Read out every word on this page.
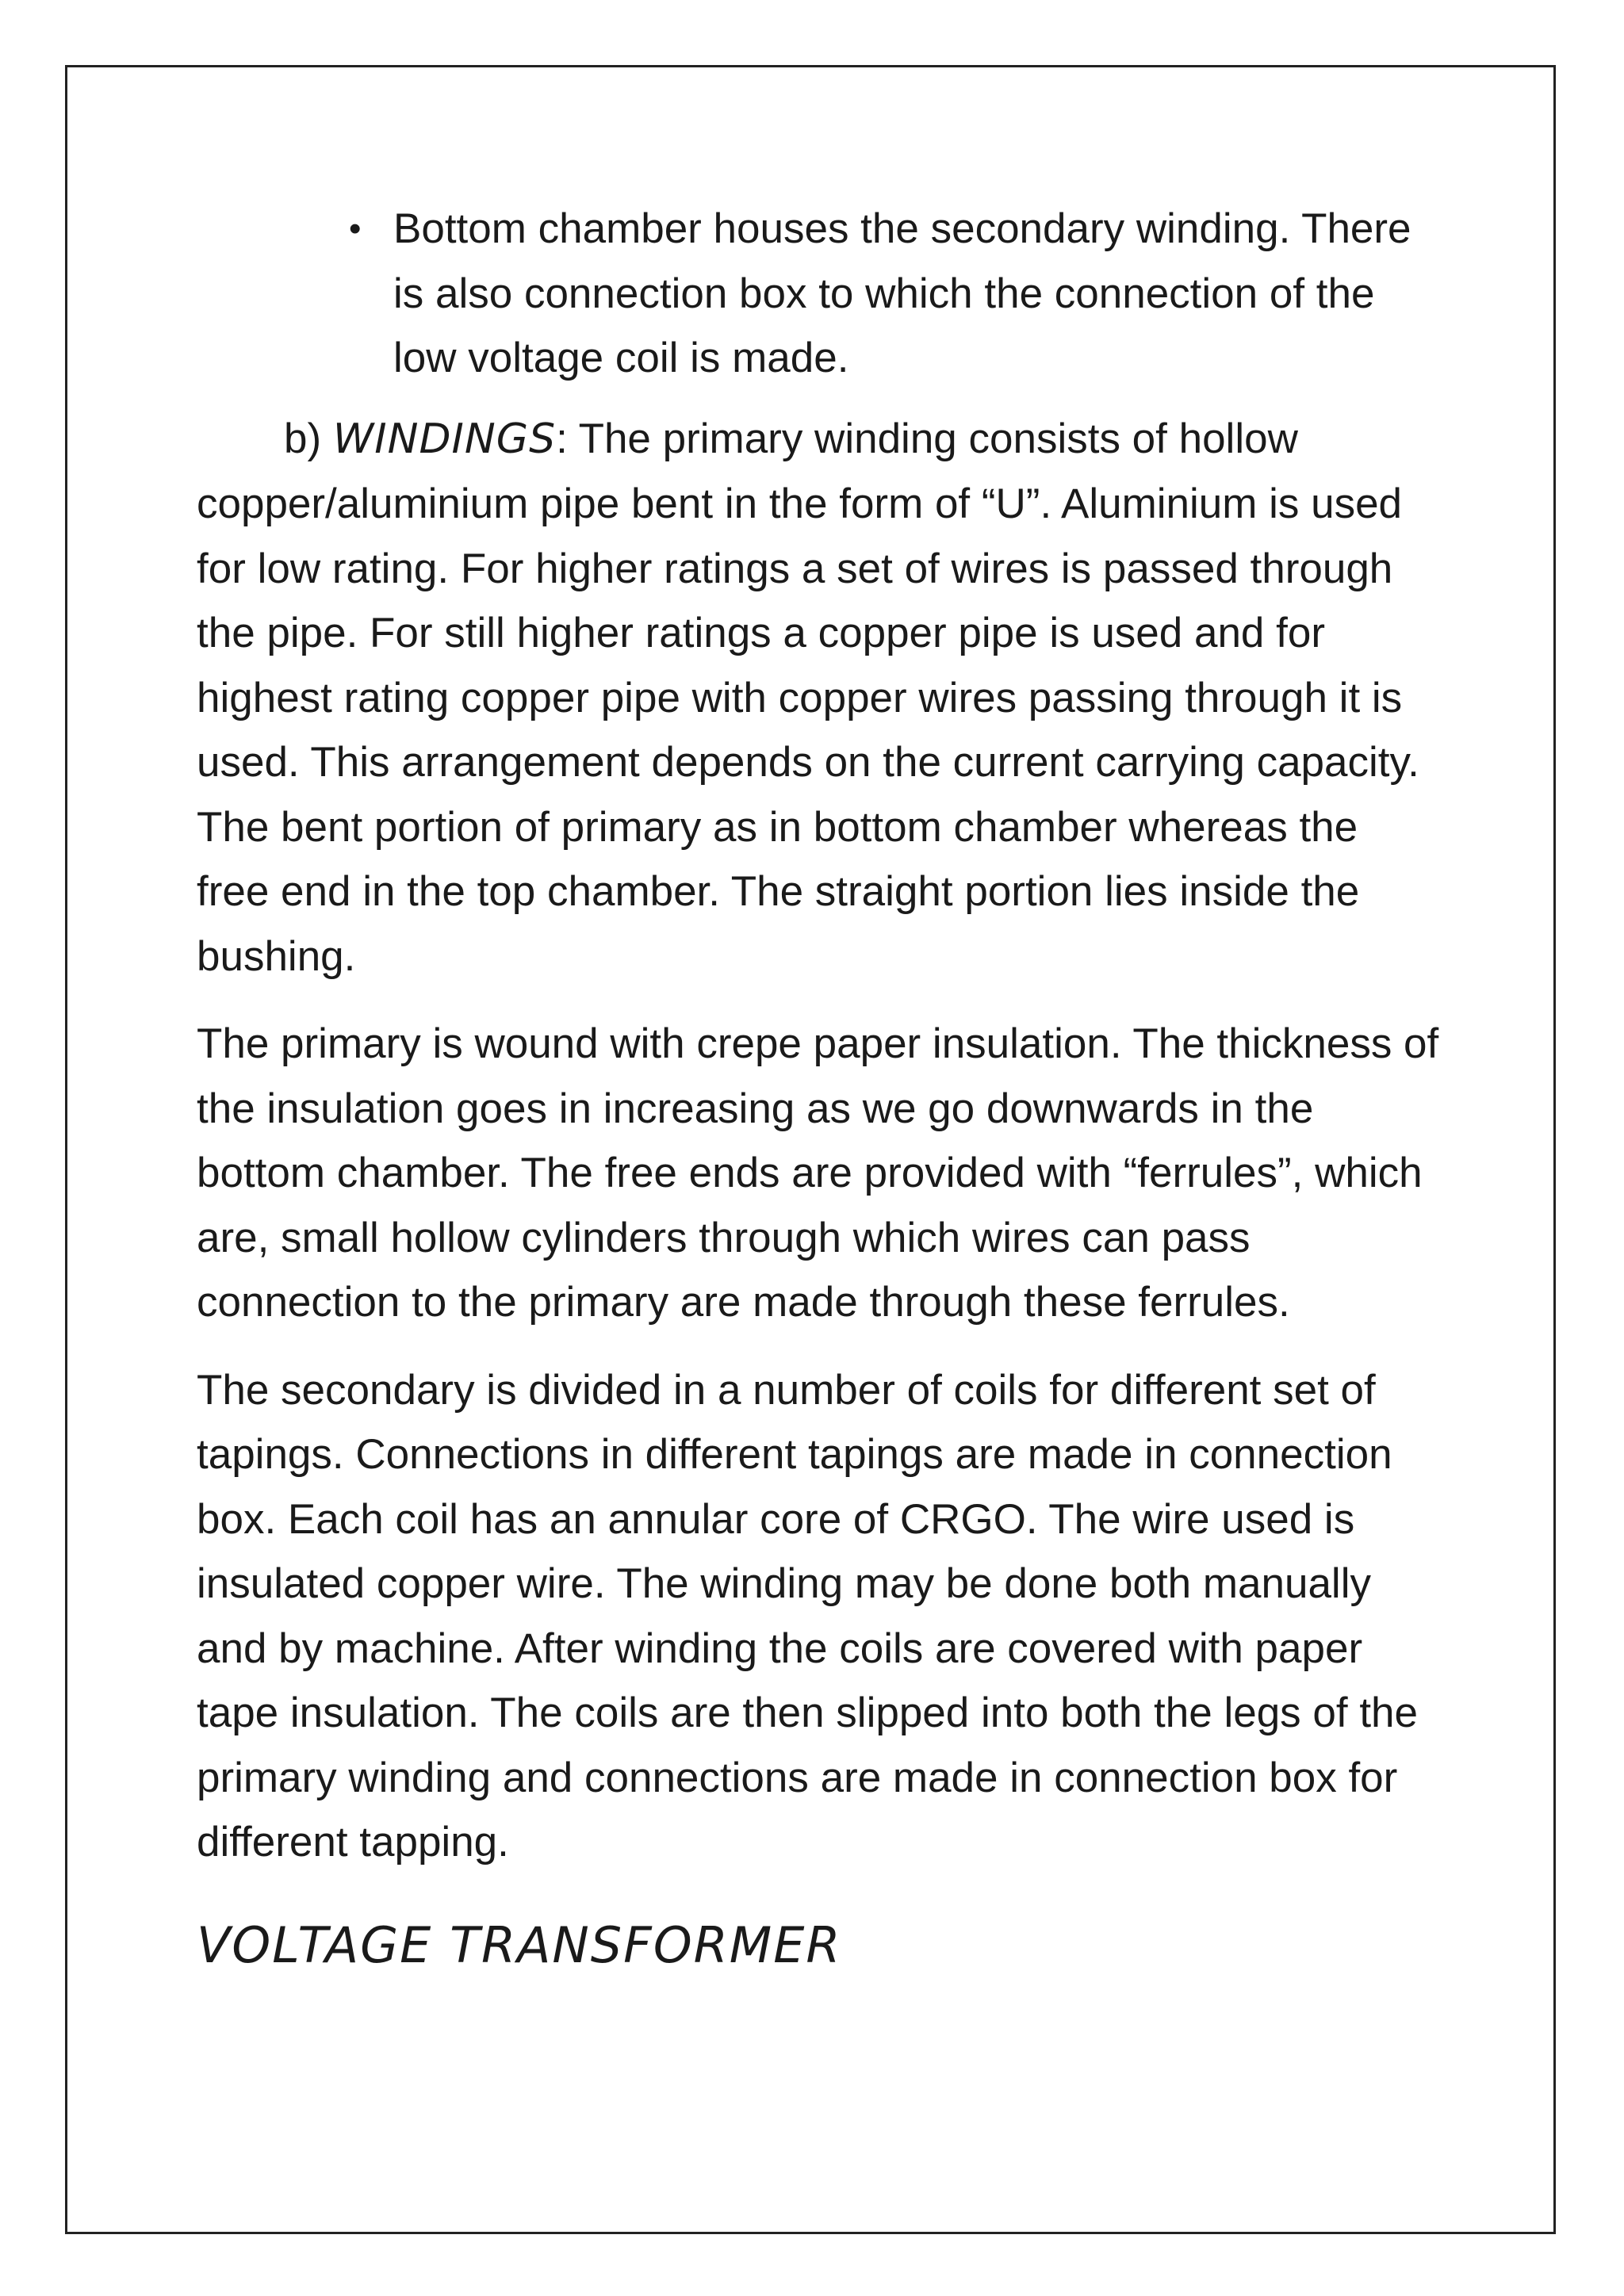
• Bottom chamber houses the secondary winding. There is also connection box to which the connection of the low voltage coil is made.

b) WINDINGS: The primary winding consists of hollow copper/aluminium pipe bent in the form of “U”. Aluminium is used for low rating. For higher ratings a set of wires is passed through the pipe. For still higher ratings a copper pipe is used and for highest rating copper pipe with copper wires passing through it is used. This arrangement depends on the current carrying capacity. The bent portion of primary as in bottom chamber whereas the free end in the top chamber. The straight portion lies inside the bushing.

The primary is wound with crepe paper insulation. The thickness of the insulation goes in increasing as we go downwards in the bottom chamber. The free ends are provided with “ferrules”, which are, small hollow cylinders through which wires can pass connection to the primary are made through these ferrules.

The secondary is divided in a number of coils for different set of tapings. Connections in different tapings are made in connection box. Each coil has an annular core of CRGO. The wire used is insulated copper wire. The winding may be done both manually and by machine. After winding the coils are covered with paper tape insulation. The coils are then slipped into both the legs of the primary winding and connections are made in connection box for different tapping.

VOLTAGE TRANSFORMER
